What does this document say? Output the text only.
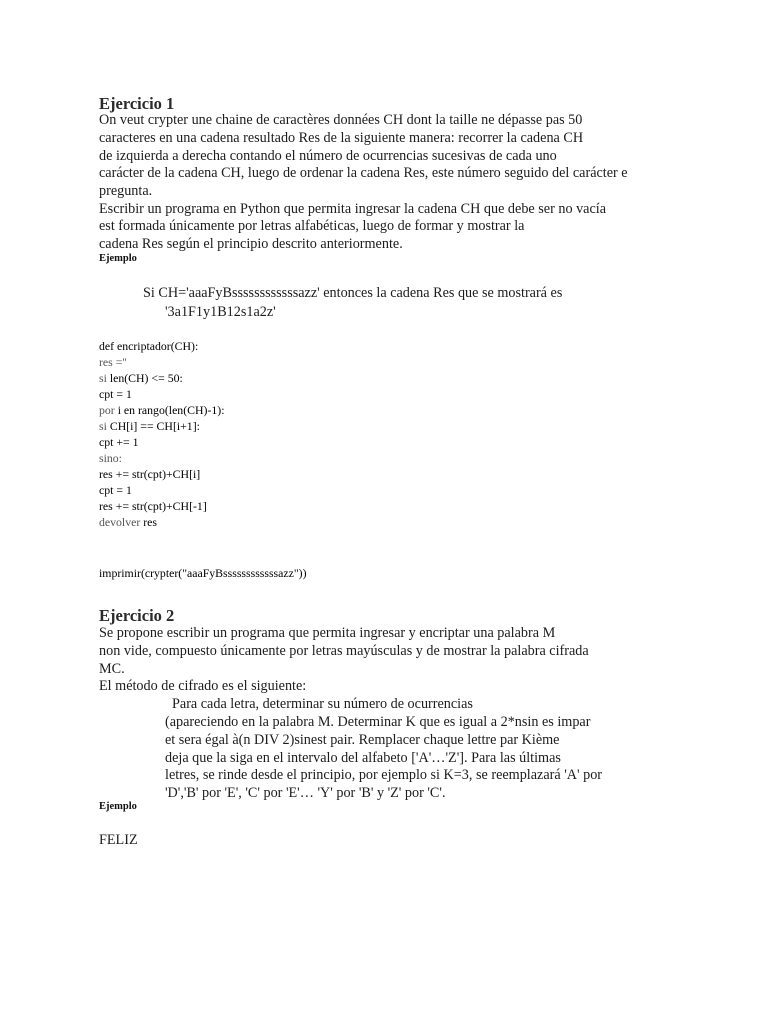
Ejercicio 1
On veut crypter une chaine de caractères données CH dont la taille ne dépasse pas 50
caracteres en una cadena resultado Res de la siguiente manera: recorrer la cadena CH
de izquierda a derecha contando el número de ocurrencias sucesivas de cada uno
carácter de la cadena CH, luego de ordenar la cadena Res, este número seguido del carácter e
pregunta.
Escribir un programa en Python que permita ingresar la cadena CH que debe ser no vacía
est formada únicamente por letras alfabéticas, luego de formar y mostrar la
cadena Res según el principio descrito anteriormente.
Ejemplo
Si CH='aaaFyBssssssssssssazz' entonces la cadena Res que se mostrará es
'3a1F1y1B12s1a2z'
def encriptador(CH):
res =''
si len(CH) <= 50:
cpt = 1
por i en rango(len(CH)-1):
si CH[i] == CH[i+1]:
cpt += 1
sino:
res += str(cpt)+CH[i]
cpt = 1
res += str(cpt)+CH[-1]
devolver res
imprimir(crypter("aaaFyBssssssssssssazz"))
Ejercicio 2
Se propone escribir un programa que permita ingresar y encriptar una palabra M
non vide, compuesto únicamente por letras mayúsculas y de mostrar la palabra cifrada
MC.
El método de cifrado es el siguiente:
Para cada letra, determinar su número de ocurrencias
(apareciendo en la palabra M. Determinar K que es igual a 2*nsin es impar
et sera égal à(n DIV 2)sinest pair. Remplacer chaque lettre par Kième
deja que la siga en el intervalo del alfabeto ['A'…'Z']. Para las últimas
letres, se rinde desde el principio, por ejemplo si K=3, se reemplazará 'A' por
'D','B' por 'E', 'C' por 'E'… 'Y' por 'B' y 'Z' por 'C'.
Ejemplo
FELIZ
